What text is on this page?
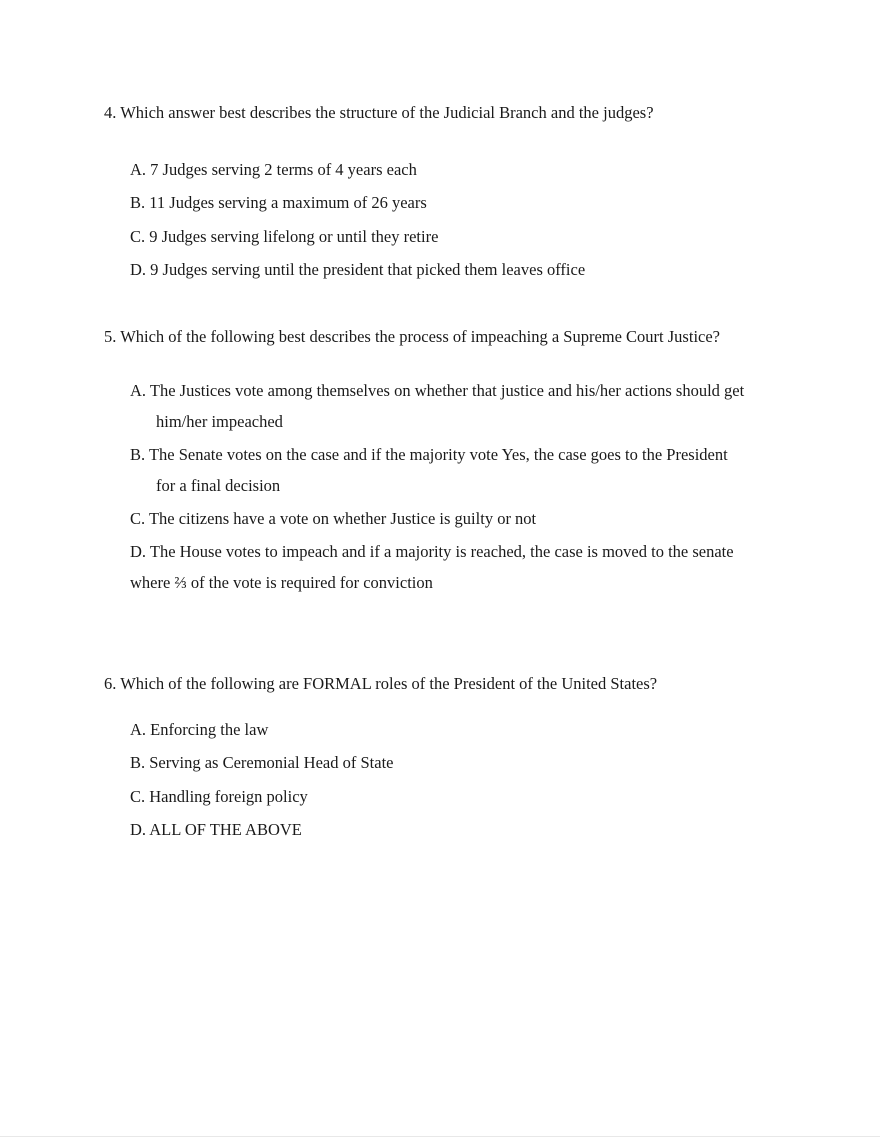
4. Which answer best describes the structure of the Judicial Branch and the judges?

A. 7 Judges serving 2 terms of 4 years each

B. 11 Judges serving a maximum of 26 years

C. 9 Judges serving lifelong or until they retire

D. 9 Judges serving until the president that picked them leaves office

5. Which of the following best describes the process of impeaching a Supreme Court Justice?

A. The Justices vote among themselves on whether that justice and his/her actions should get
him/her impeached
B. The Senate votes on the case and if the majority vote Yes, the case goes to the President
for a final decision

C. The citizens have a vote on whether Justice is guilty or not

D. The House votes to impeach and if a majority is reached, the case is moved to the senate
where ⅔ of the vote is required for conviction

6. Which of the following are FORMAL roles of the President of the United States?

A. Enforcing the law

B. Serving as Ceremonial Head of State

C. Handling foreign policy

D. ALL OF THE ABOVE
